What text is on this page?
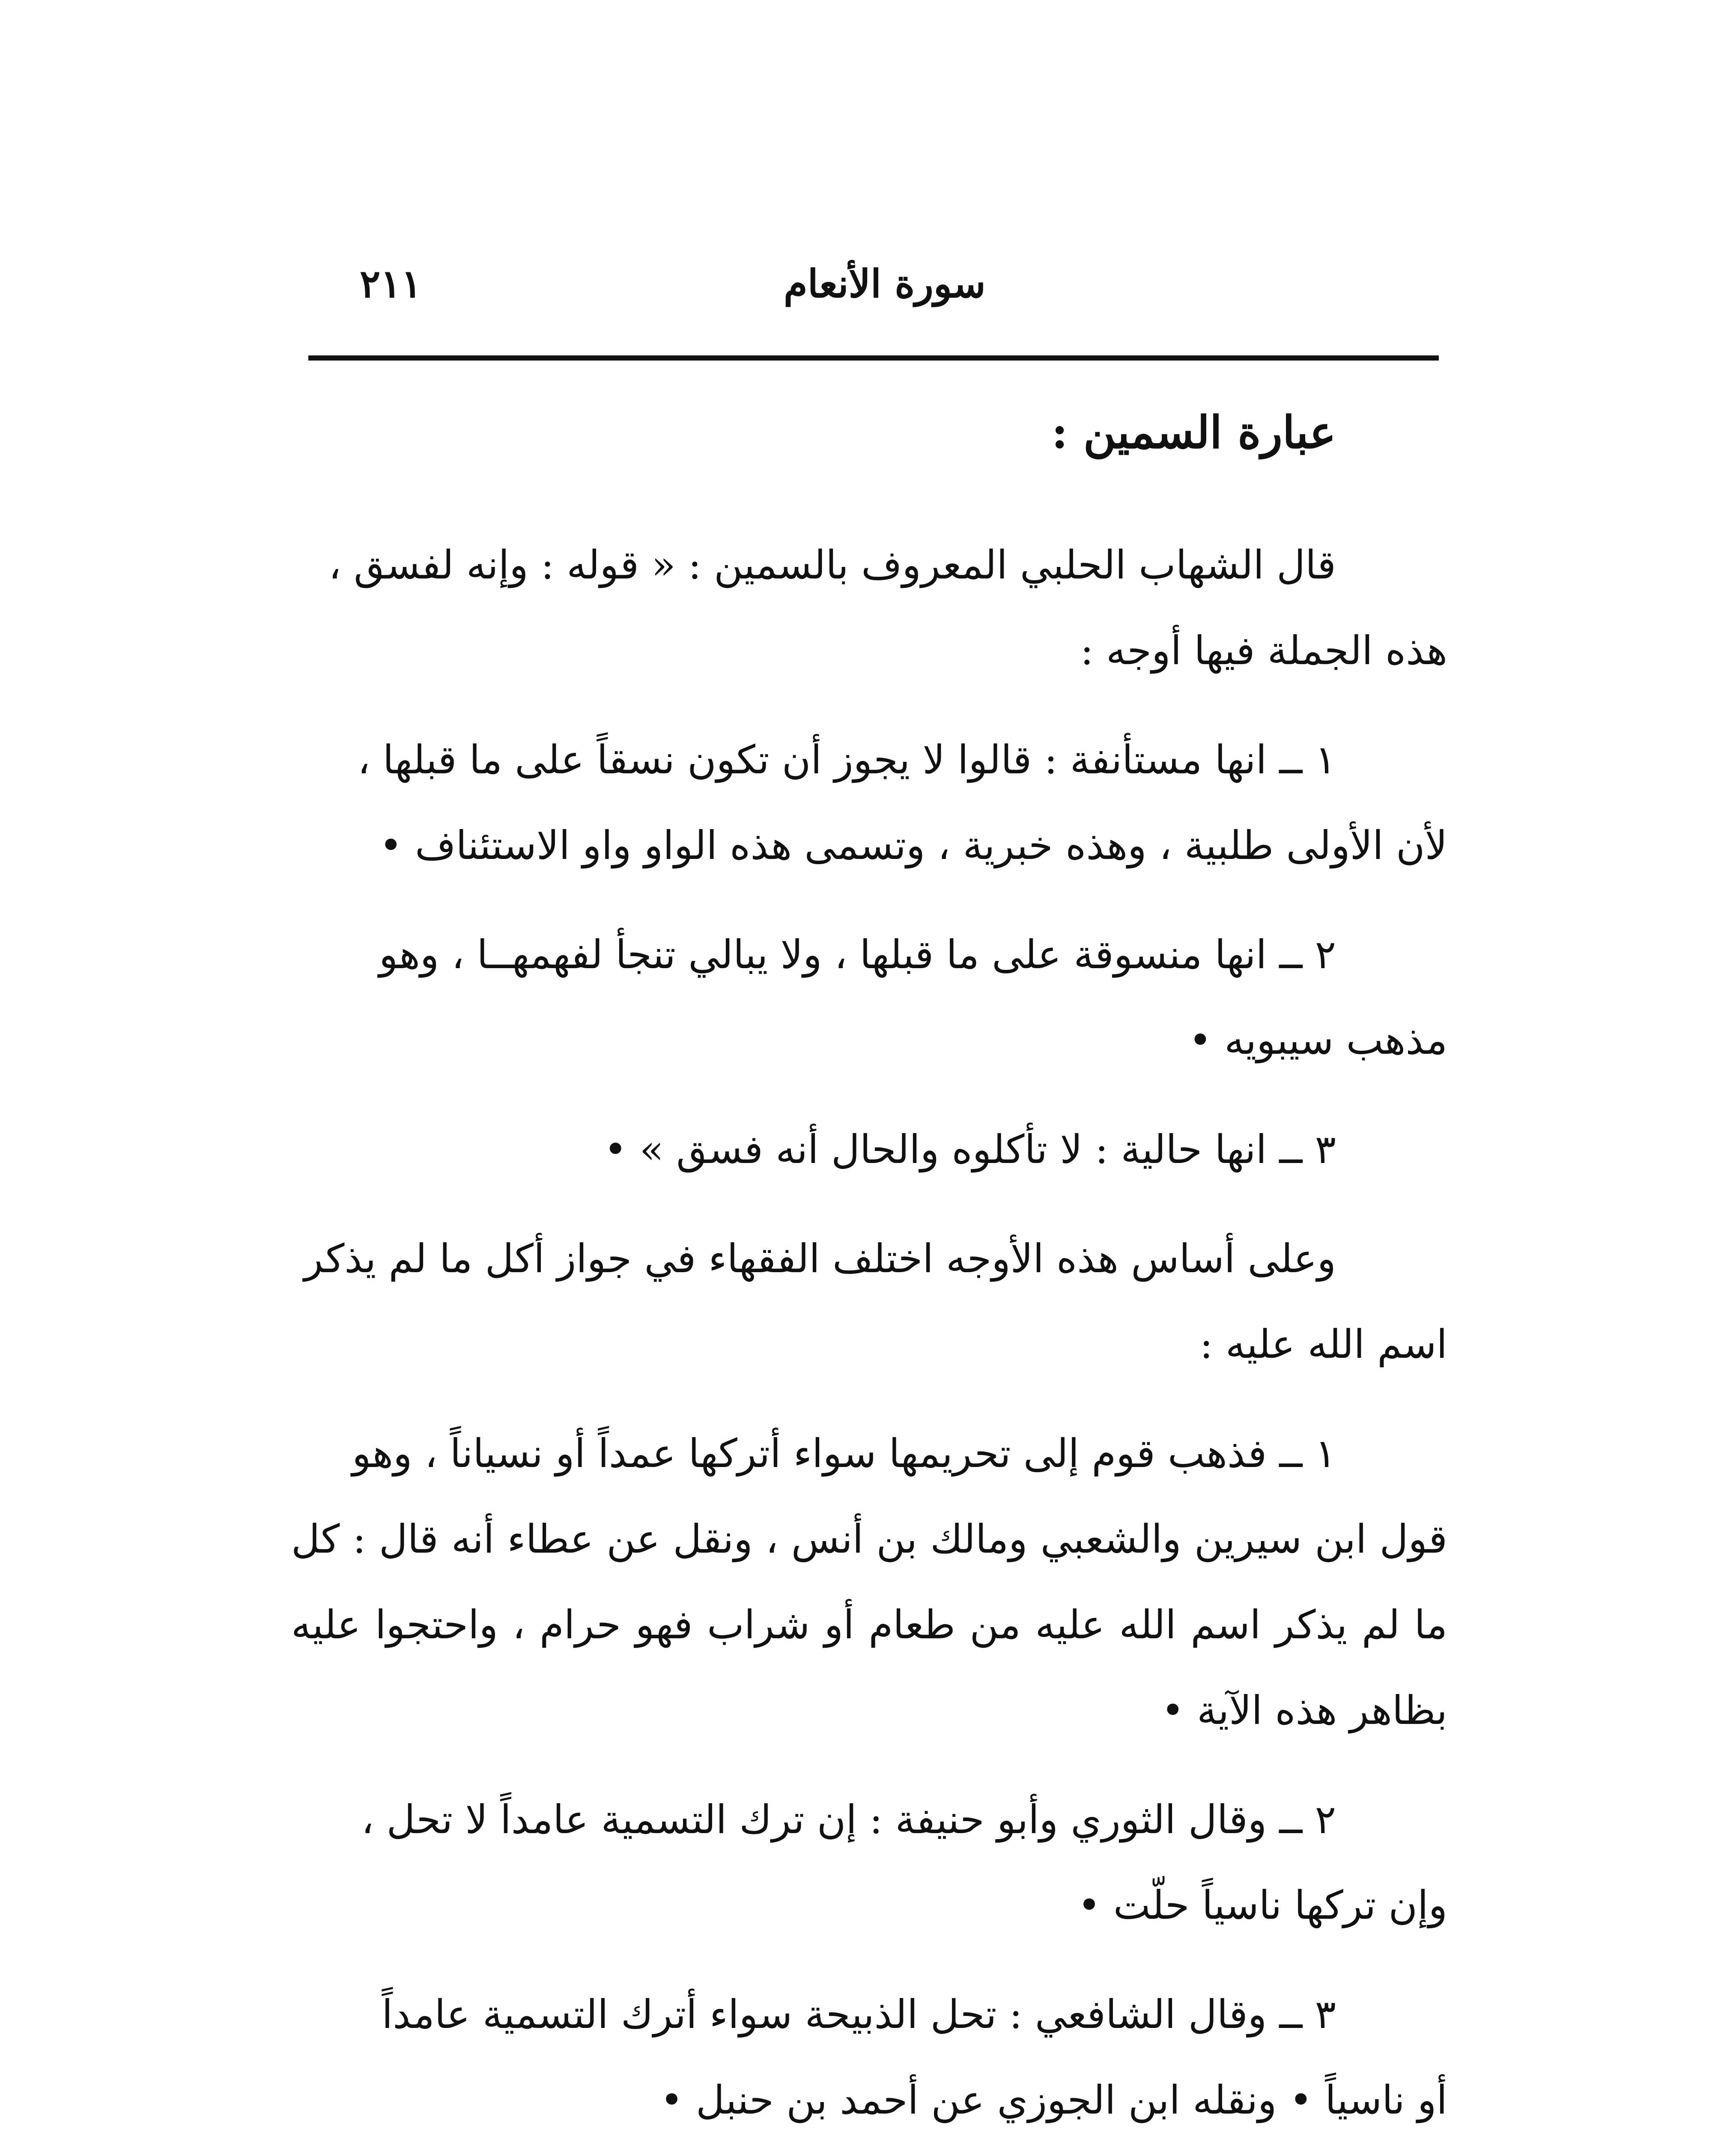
٢١١	سورة الأنعام
عبارة السمين :

قال الشهاب الحلبي المعروف بالسمين : « قوله : وإنه لفسق ،
هذه الجملة فيها أوجه :

١ ــ انها مستأنفة : قالوا لا يجوز أن تكون نسقاً على ما قبلها ،
لأن الأولى طلبية ، وهذه خبرية ، وتسمى هذه الواو واو الاستئناف •

٢ ــ انها منسوقة على ما قبلها ، ولا يبالي تنجأ لفهمهــا ، وهو
مذهب سيبويه •

٣ ــ انها حالية : لا تأكلوه والحال أنه فسق » •

وعلى أساس هذه الأوجه اختلف الفقهاء في جواز أكل ما لم يذكر
اسم الله عليه :

١ ــ فذهب قوم إلى تحريمها سواء أتركها عمداً أو نسياناً ، وهو
قول ابن سيرين والشعبي ومالك بن أنس ، ونقل عن عطاء أنه قال : كل ما لم يذكر اسم الله عليه من طعام أو شراب فهو حرام ، واحتجوا عليه بظاهر هذه الآية •

٢ ــ وقال الثوري وأبو حنيفة : إن ترك التسمية عامداً لا تحل ،
وإن تركها ناسياً حلّت •

٣ ــ وقال الشافعي : تحل الذبيحة سواء أترك التسمية عامداً
أو ناسياً • ونقله ابن الجوزي عن أحمد بن حنبل •
